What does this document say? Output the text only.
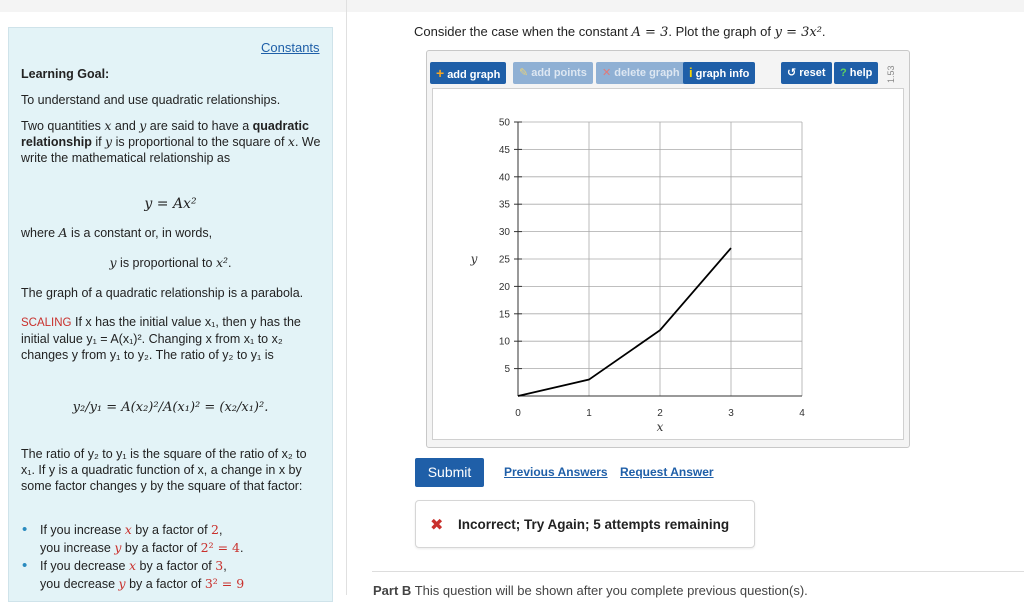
Constants
Learning Goal:
To understand and use quadratic relationships.
Two quantities x and y are said to have a quadratic relationship if y is proportional to the square of x. We write the mathematical relationship as
y = Ax²
where A is a constant or, in words,
y is proportional to x².
The graph of a quadratic relationship is a parabola.
SCALING If x has the initial value x₁, then y has the initial value y₁ = A(x₁)². Changing x from x₁ to x₂ changes y from y₁ to y₂. The ratio of y₂ to y₁ is
y₂/y₁ = A(x₂)²/A(x₁)² = (x₂/x₁)².
The ratio of y₂ to y₁ is the square of the ratio of x₂ to x₁. If y is a quadratic function of x, a change in x by some factor changes y by the square of that factor:
• If you increase x by a factor of 2,
you increase y by a factor of 2² = 4.
• If you decrease x by a factor of 3,
you decrease y by a factor of 3² = 9
Consider the case when the constant A = 3. Plot the graph of y = 3x².
+ add graph	✎ add points	✕ delete graph i graph info	↺ reset	? help	1.53
5
10
15
20
25
30
35
40
45
50
0	1	2	3	4
x
y
Submit	Previous Answers Request Answer
✖ Incorrect; Try Again; 5 attempts remaining
Part B This question will be shown after you complete previous question(s).
